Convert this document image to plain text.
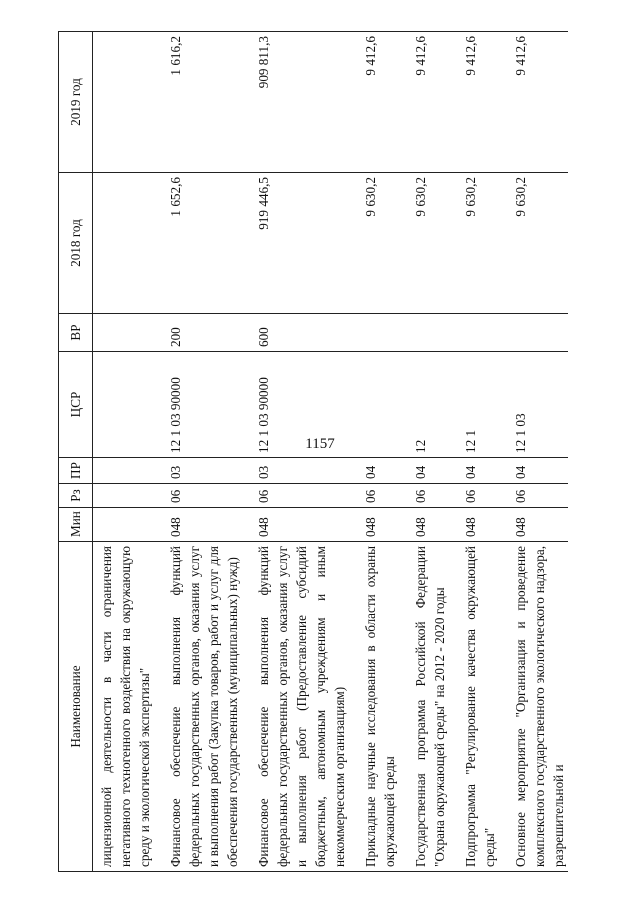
1157
Наименование	Мин	Рз	ПР	ЦСР	ВР	2018 год	2019 год
лицензионной деятельности в части ограничения негативного техногенного воздействия на окружающую среду и экологической экспертизы"							
Финансовое обеспечение выполнения функций федеральных государственных органов, оказания услуг и выполнения работ (Закупка товаров, работ и услуг для обеспечения государственных (муниципальных) нужд)	048	06	03	12 1 03 90000	200	1 652,6	1 616,2
Финансовое обеспечение выполнения функций федеральных государственных органов, оказания услуг и выполнения работ (Предоставление субсидий бюджетным, автономным учреждениям и иным некоммерческим организациям)	048	06	03	12 1 03 90000	600	919 446,5	909 811,3
Прикладные научные исследования в области охраны окружающей среды	048	06	04			9 630,2	9 412,6
Государственная программа Российской Федерации "Охрана окружающей среды" на 2012 - 2020 годы	048	06	04	12		9 630,2	9 412,6
Подпрограмма "Регулирование качества окружающей среды"	048	06	04	12 1		9 630,2	9 412,6
Основное мероприятие "Организация и проведение комплексного государственного экологического надзора, разрешительной и	048	06	04	12 1 03		9 630,2	9 412,6
